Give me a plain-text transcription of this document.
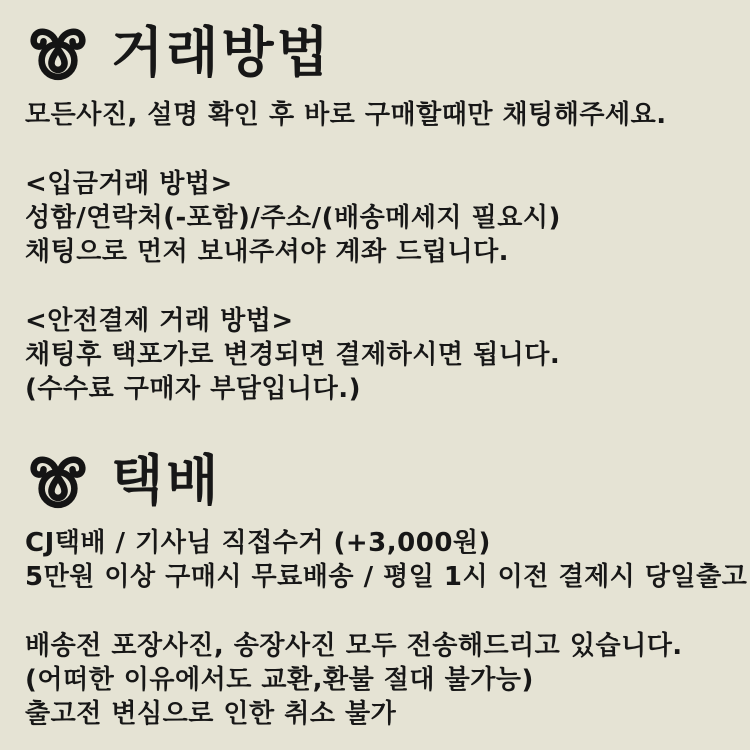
거래방법

모든사진, 설명 확인 후 바로 구매할때만 채팅해주세요.

<입금거래 방법>
성함/연락처(-포함)/주소/(배송메세지 필요시)
채팅으로 먼저 보내주셔야 계좌 드립니다.

<안전결제 거래 방법>
채팅후 택포가로 변경되면 결제하시면 됩니다.
(수수료 구매자 부담입니다.)

택배

CJ택배 / 기사님 직접수거 (+3,000원)
5만원 이상 구매시 무료배송 / 평일 1시 이전 결제시 당일출고

배송전 포장사진, 송장사진 모두 전송해드리고 있습니다.
(어떠한 이유에서도 교환,환불 절대 불가능)
출고전 변심으로 인한 취소 불가
